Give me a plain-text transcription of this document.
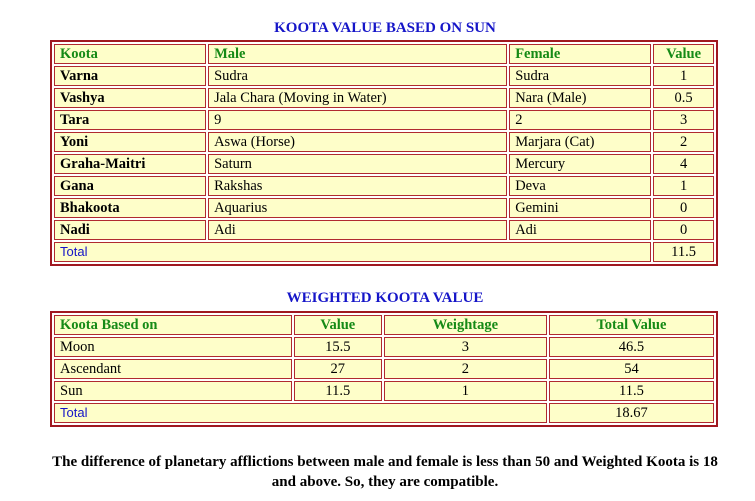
KOOTA VALUE BASED ON SUN
Koota	Male	Female	Value
Varna	Sudra	Sudra	1
Vashya	Jala Chara (Moving in Water)	Nara (Male)	0.5
Tara	9	2	3
Yoni	Aswa (Horse)	Marjara (Cat)	2
Graha-Maitri	Saturn	Mercury	4
Gana	Rakshas	Deva	1
Bhakoota	Aquarius	Gemini	0
Nadi	Adi	Adi	0
Total			11.5
WEIGHTED KOOTA VALUE
Koota Based on	Value	Weightage	Total Value
Moon	15.5	3	46.5
Ascendant	27	2	54
Sun	11.5	1	11.5
Total			18.67
The difference of planetary afflictions between male and female is less than 50 and Weighted Koota is 18 and above. So, they are compatible.
